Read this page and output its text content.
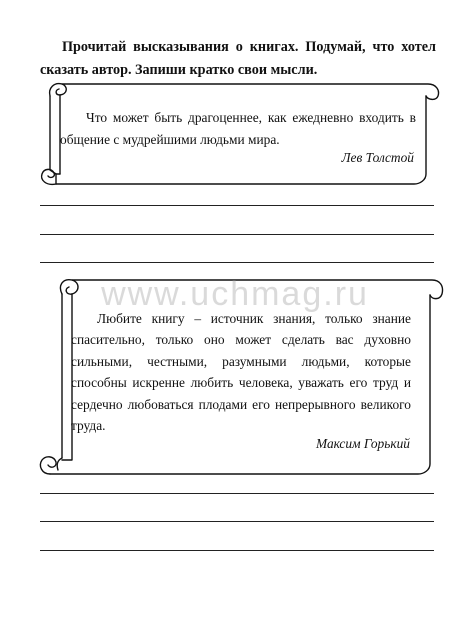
Прочитай высказывания о книгах. Подумай, что хотел сказать автор. Запиши кратко свои мысли.

www.uchmag.ru

Что может быть драгоценнее, как ежедневно входить в общение с мудрейшими людьми мира.

Лев Толстой

Любите книгу – источник знания, только знание спасительно, только оно может сделать вас духовно сильными, честными, разумными людьми, которые способны искренне любить человека, уважать его труд и сердечно любоваться плодами его непрерывного великого труда.

Максим Горький
